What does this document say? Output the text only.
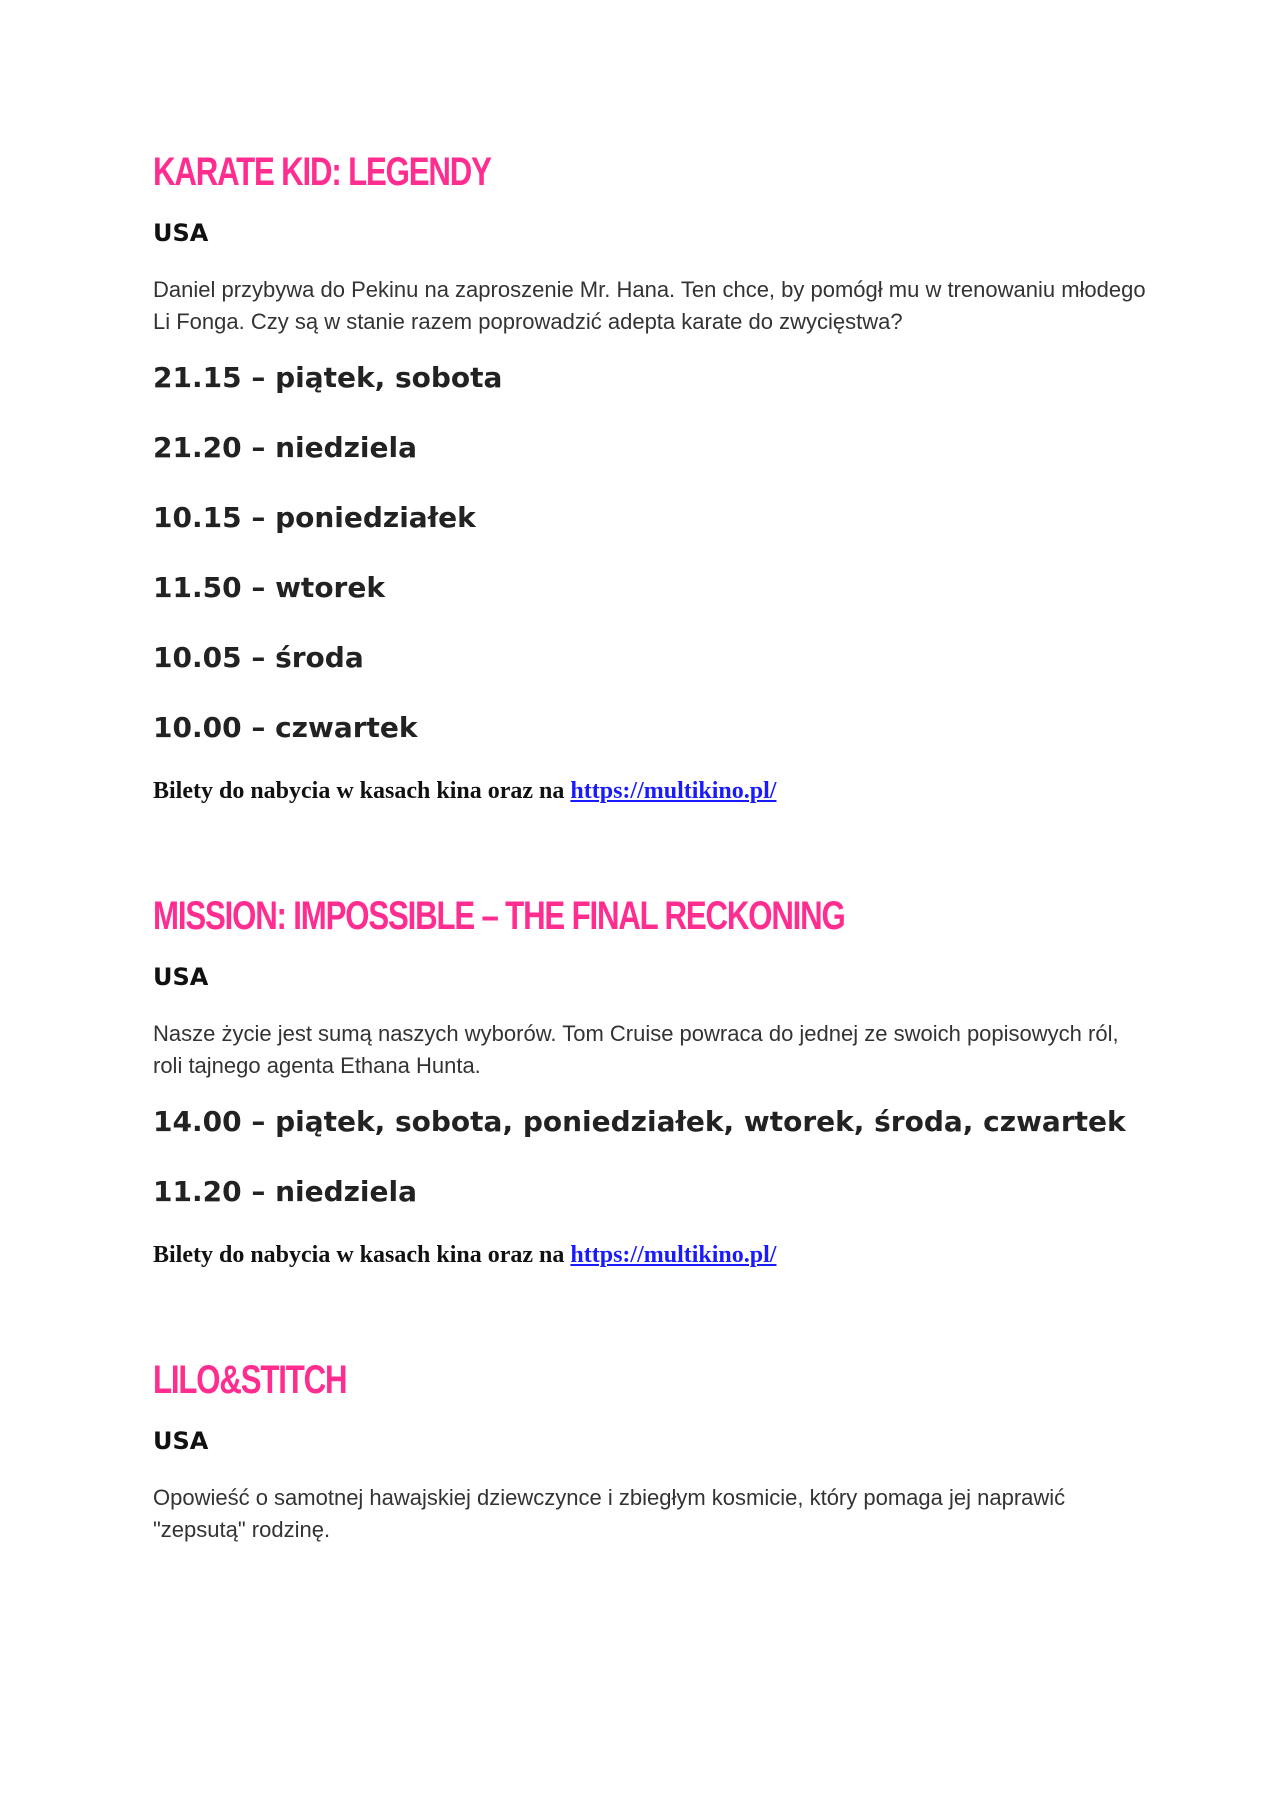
KARATE KID: LEGENDY

USA

Daniel przybywa do Pekinu na zaproszenie Mr. Hana. Ten chce, by pomógł mu w trenowaniu młodego Li Fonga. Czy są w stanie razem poprowadzić adepta karate do zwycięstwa?

21.15 – piątek, sobota

21.20 – niedziela

10.15 – poniedziałek

11.50 – wtorek

10.05 – środa

10.00 – czwartek

Bilety do nabycia w kasach kina oraz na https://multikino.pl/

MISSION: IMPOSSIBLE – THE FINAL RECKONING

USA

Nasze życie jest sumą naszych wyborów. Tom Cruise powraca do jednej ze swoich popisowych ról, roli tajnego agenta Ethana Hunta.

14.00 – piątek, sobota, poniedziałek, wtorek, środa, czwartek

11.20 – niedziela

Bilety do nabycia w kasach kina oraz na https://multikino.pl/

LILO&STITCH

USA

Opowieść o samotnej hawajskiej dziewczynce i zbiegłym kosmicie, który pomaga jej naprawić "zepsutą" rodzinę.
